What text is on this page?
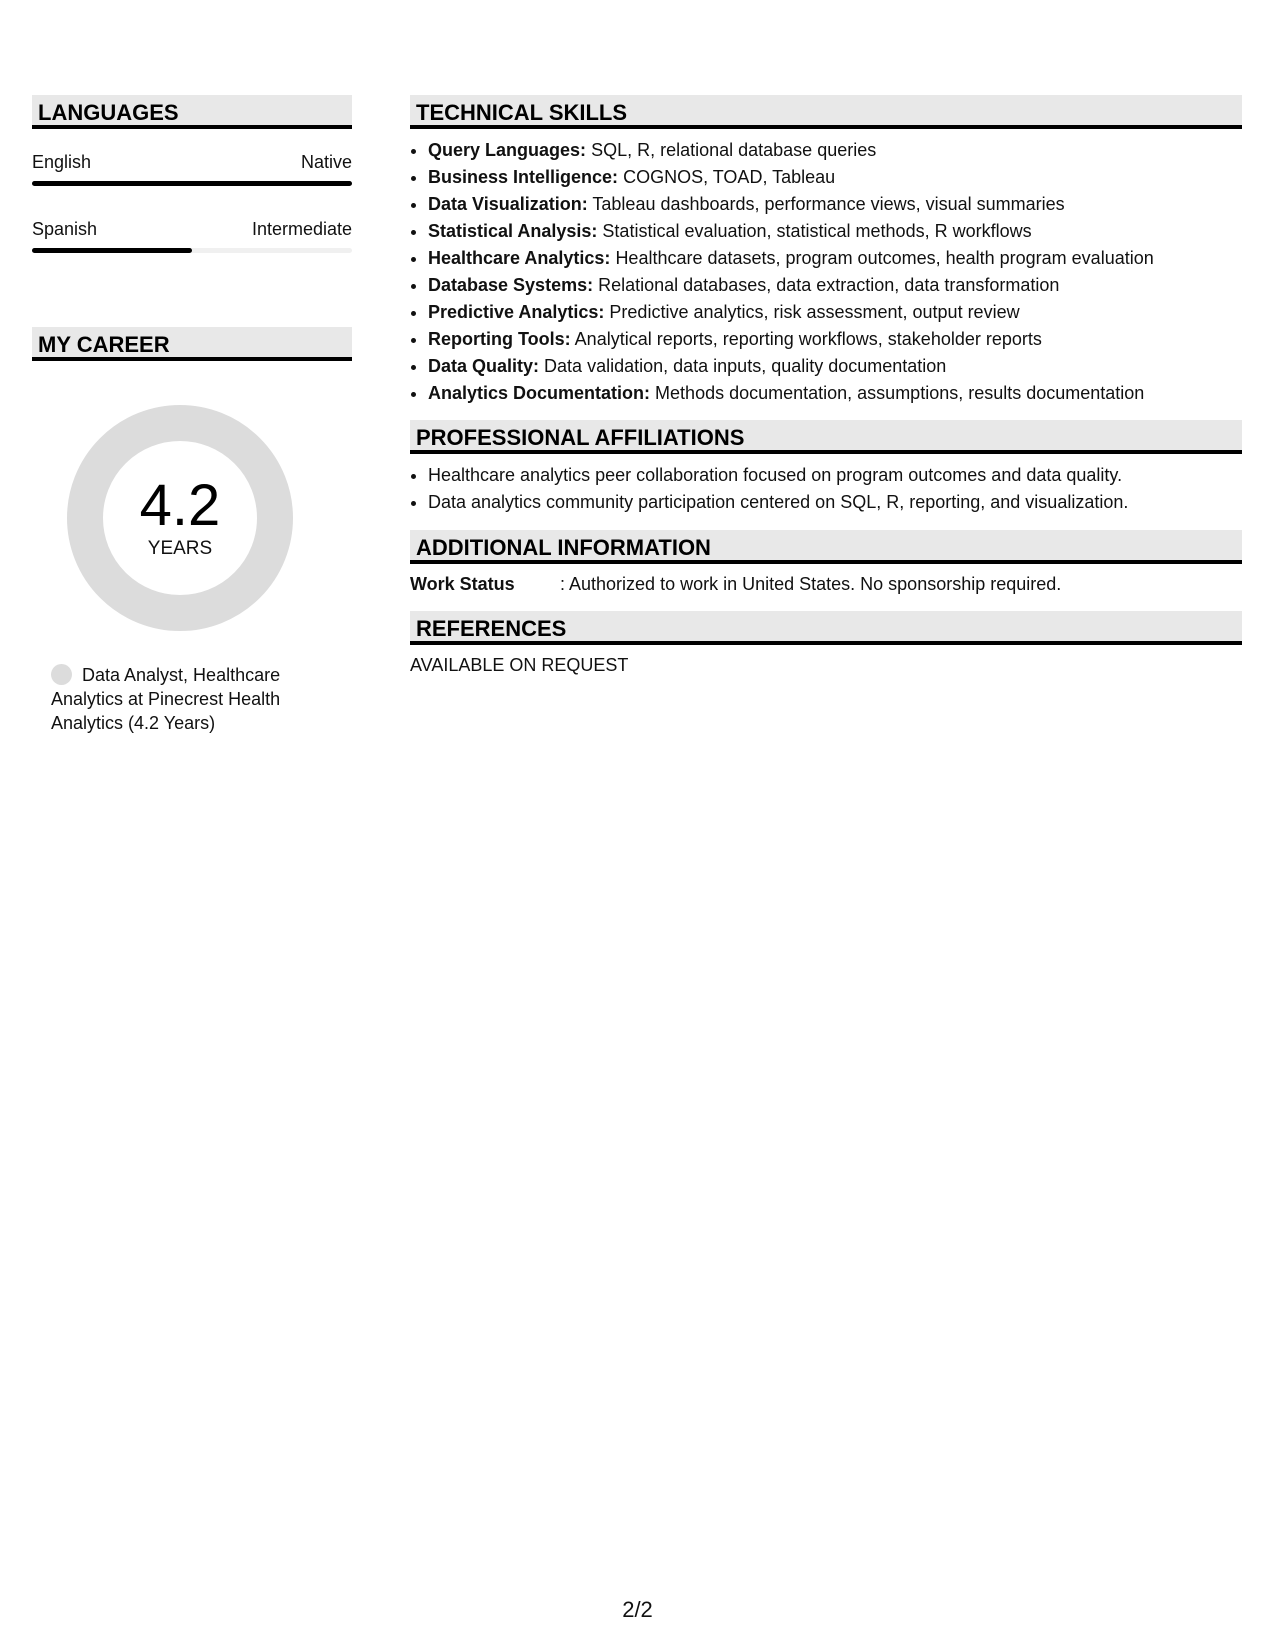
LANGUAGES
English	Native
Spanish	Intermediate
MY CAREER
4.2
YEARS
Data Analyst, Healthcare Analytics at Pinecrest Health Analytics (4.2 Years)
TECHNICAL SKILLS
• Query Languages: SQL, R, relational database queries
• Business Intelligence: COGNOS, TOAD, Tableau
• Data Visualization: Tableau dashboards, performance views, visual summaries
• Statistical Analysis: Statistical evaluation, statistical methods, R workflows
• Healthcare Analytics: Healthcare datasets, program outcomes, health program evaluation
• Database Systems: Relational databases, data extraction, data transformation
• Predictive Analytics: Predictive analytics, risk assessment, output review
• Reporting Tools: Analytical reports, reporting workflows, stakeholder reports
• Data Quality: Data validation, data inputs, quality documentation
• Analytics Documentation: Methods documentation, assumptions, results documentation
PROFESSIONAL AFFILIATIONS
• Healthcare analytics peer collaboration focused on program outcomes and data quality.
• Data analytics community participation centered on SQL, R, reporting, and visualization.
ADDITIONAL INFORMATION
Work Status	: Authorized to work in United States. No sponsorship required.
REFERENCES
AVAILABLE ON REQUEST
2/2
